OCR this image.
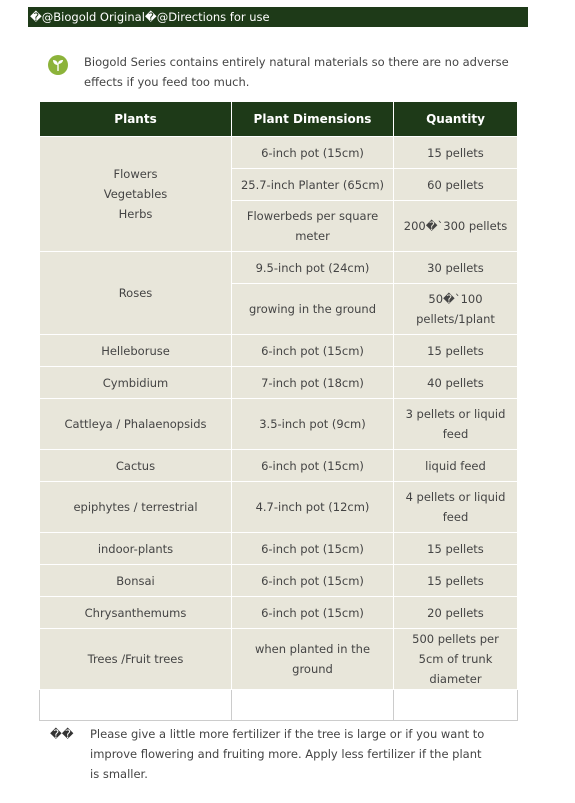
�@Biogold Original�@Directions for use
Biogold Series contains entirely natural materials so there are no adverse effects if you feed too much.
Plants	Plant Dimensions	Quantity

Flowers
Vegetables
Herbs	6-inch pot (15cm)	15 pellets
	25.7-inch Planter (65cm)	60 pellets
	Flowerbeds per square meter	200�`300 pellets
Roses	9.5-inch pot (24cm)	30 pellets
	growing in the ground	50�`100 pellets/1plant
Helleboruse	6-inch pot (15cm)	15 pellets
Cymbidium	7-inch pot (18cm)	40 pellets
Cattleya / Phalaenopsids	3.5-inch pot (9cm)	3 pellets or liquid feed
Cactus	6-inch pot (15cm)	liquid feed
epiphytes / terrestrial	4.7-inch pot (12cm)	4 pellets or liquid feed
indoor-plants	6-inch pot (15cm)	15 pellets
Bonsai	6-inch pot (15cm)	15 pellets
Chrysanthemums	6-inch pot (15cm)	20 pellets
Trees /Fruit trees	when planted in the ground	500 pellets per 5cm of trunk diameter

�� Please give a little more fertilizer if the tree is large or if you want to improve flowering and fruiting more. Apply less fertilizer if the plant is smaller.
